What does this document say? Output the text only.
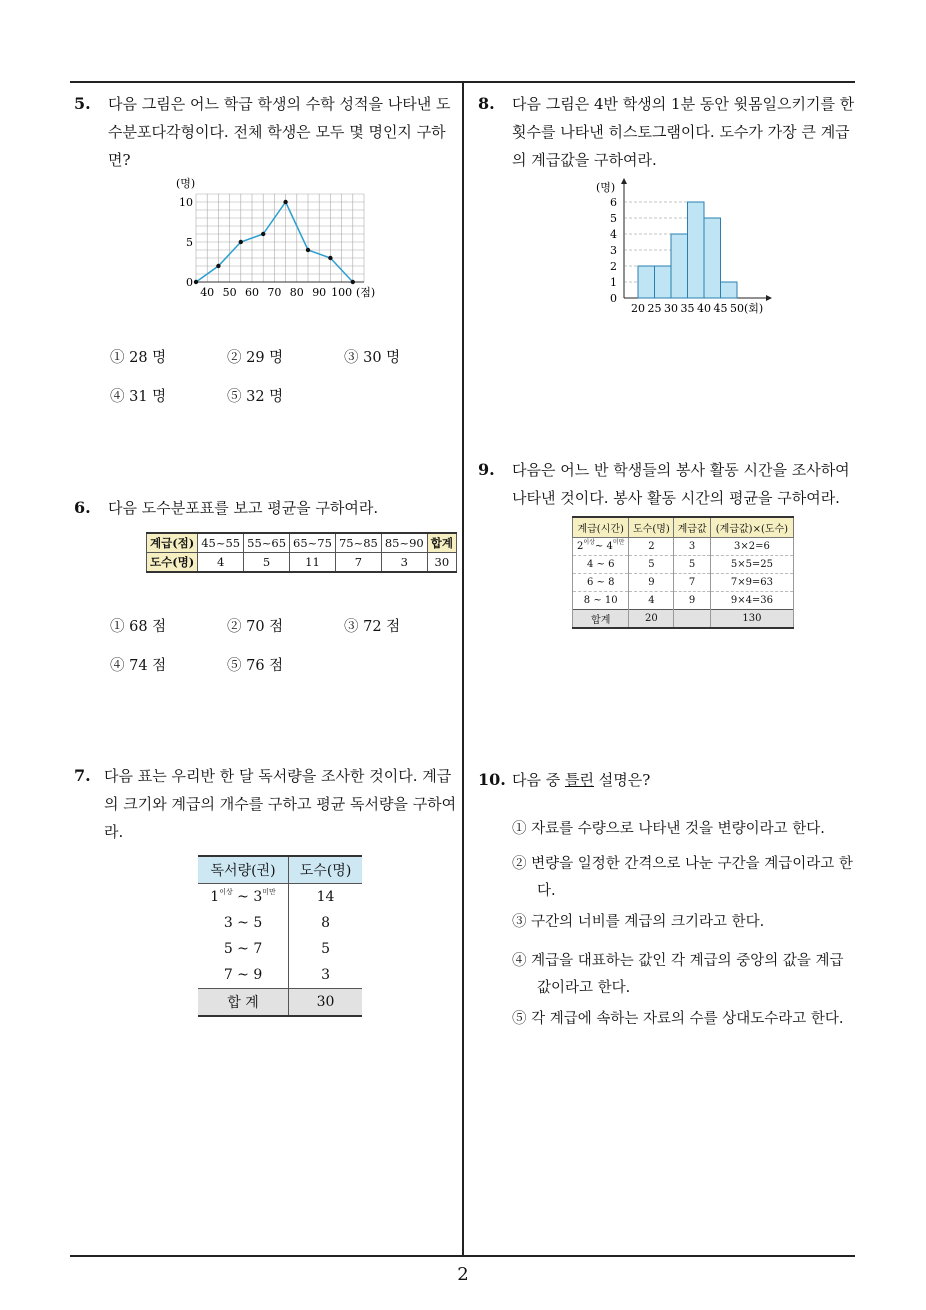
2
5. 다음 그림은 어느 학급 학생의 수학 성적을 나타낸 도수분포다각형이다. 전체 학생은 모두 몇 명인지 구하면?
0
5
10
40 50 60 70 80 90 100
(명)
(점)
① 28 명	② 29 명	③ 30 명
④ 31 명	⑤ 32 명
6. 다음 도수분포표를 보고 평균을 구하여라.
계급(점)	45~55	55~65	65~75	75~85	85~90	합계
도수(명)	4	5	11	7	3	30
① 68 점	② 70 점	③ 72 점
④ 74 점	⑤ 76 점
7. 다음 표는 우리반 한 달 독서량을 조사한 것이다. 계급의 크기와 계급의 개수를 구하고 평균 독서량을 구하여라.
독서량(권)	도수(명)
$1^{이상}$ ~ $3^{미만}$	14
3 ~ 5	8
5 ~ 7	5
7 ~ 9	3
합 계	30
8. 다음 그림은 4반 학생의 1분 동안 윗몸일으키기를 한 횟수를 나타낸 히스토그램이다. 도수가 가장 큰 계급의 계급값을 구하여라.
0
1
2
3
4
5
6
20 25 30 35 40 45 50
(명)
(회)
9. 다음은 어느 반 학생들의 봉사 활동 시간을 조사하여 나타낸 것이다. 봉사 활동 시간의 평균을 구하여라.
계급(시간)	도수(명)	계급값	(계급값)×(도수)
$2^{이상}\sim$ $4^{미만}$	2	3	3×2=6
4 ~ 6	5	5	5×5=25
6 ~ 8	9	7	7×9=63
8 ~ 10	4	9	9×4=36
합계	20		130
10. 다음 중 틀린 설명은?
① 자료를 수량으로 나타낸 것을 변량이라고 한다.
② 변량을 일정한 간격으로 나눈 구간을 계급이라고 한다.
③ 구간의 너비를 계급의 크기라고 한다.
④ 계급을 대표하는 값인 각 계급의 중앙의 값을 계급값이라고 한다.
⑤ 각 계급에 속하는 자료의 수를 상대도수라고 한다.
